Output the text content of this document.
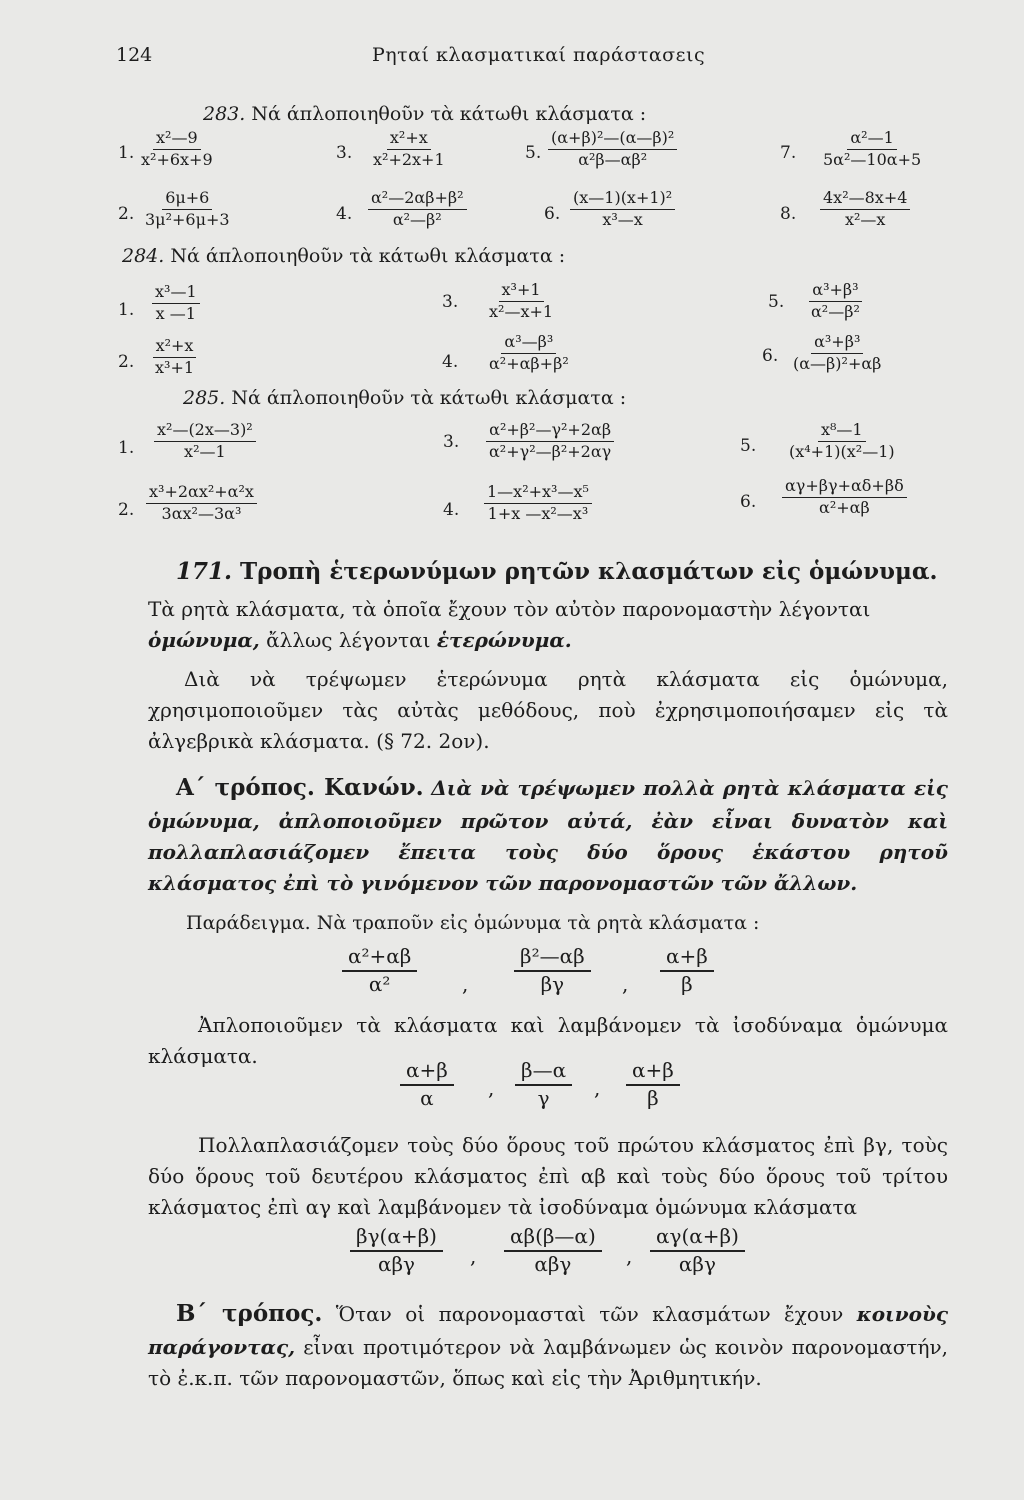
124	Ρηταί κλασματικαί παράστασεις
283. Νά άπλοποιηθοῦν τὰ κάτωθι κλάσματα :
1. $\frac{\text{x²—9}}{\text{x²+6x+9}}$	3. $\frac{\text{x²+x}}{\text{x²+2x+1}}$	5. $\frac{\text{(α+β)²—(α—β)²}}{\text{α²β—αβ²}}$	7. $\frac{\text{α²—1}}{\text{5α²—10α+5}}$
2. $\frac{6\mu+6}{\text{3μ²+6μ+3}}$	4. $\frac{\text{α²—2αβ+β²}}{\text{α²—β²}}$	6. $\frac{\text{(x—1)(x+1)²}}{\text{x³—x}}$	8. $\frac{\text{4x²—8x+4}}{\text{x²—x}}$
284. Νά άπλοποιηθοῦν τὰ κάτωθι κλάσματα :
1. $\frac{\text{x³—1}}{x —1}$	3. $\frac{\text{x³+1}}{\text{x²—x+1}}$	5. $\frac{\text{α³+β³}}{\text{α²—β²}}$
2. $\frac{\text{x²+x}}{\text{x³+1}}$	4. $\frac{\text{α³—β³}}{\text{α²+αβ+β²}}$	6. $\frac{\text{α³+β³}}{\text{(α—β)²+αβ}}$
285. Νά άπλοποιηθοῦν τὰ κάτωθι κλάσματα :
1. $\frac{\text{x²—(2x—3)²}}{\text{x²—1}}$	3. $\frac{\text{α²+β²—γ²+2αβ}}{\text{α²+γ²—β²+2αγ}}$	5. $\frac{\text{x⁸—1}}{\text{(x⁴+1)(x²—1)}}$
2. $\frac{\text{x³+2αx²+α²x}}{\text{3αx²—3α³}}$	4. $\frac{\text{1—x²+x³—x⁵}}{\text{1+x —x²—x³}}$	6. $\frac{\alpha\gamma+\beta\gamma+\alpha\delta+\beta\delta}{\text{α²+αβ}}$
171. Τροπὴ ἑτερωνύμων ρητῶν κλασμάτων εἰς ὁμώνυμα.
Τὰ ρητὰ κλάσματα, τὰ ὁποῖα ἔχουν τὸν αὐτὸν παρονομαστὴν λέγονται
ὁμώνυμα, ἄλλως λέγονται ἑτερώνυμα.
Διὰ νὰ τρέψωμεν ἑτερώνυμα ρητὰ κλάσματα εἰς ὁμώνυμα, χρησιμοποιοῦμεν τὰς αὐτὰς μεθόδους, ποὺ ἐχρησιμοποιήσαμεν εἰς τὰ ἀλγεβρικὰ κλάσματα. (§ 72. 2ον).
Α΄ τρόπος. Κανών. Διὰ νὰ τρέψωμεν πολλὰ ρητὰ κλάσματα εἰς ὁμώνυμα, ἀπλοποιοῦμεν πρῶτον αὐτά, ἐὰν εἶναι δυνατὸν καὶ πολλαπλασιάζομεν ἔπειτα τοὺς δύο ὅρους ἑκάστου ρητοῦ κλάσματος ἐπὶ τὸ γινόμενον τῶν παρονομαστῶν τῶν ἄλλων.
Παράδειγμα. Νὰ τραποῦν εἰς ὁμώνυμα τὰ ρητὰ κλάσματα :
$\frac{\text{α²+αβ}}{\text{α²}}$ , $\frac{\text{β²—αβ}}{\beta\gamma}$ , $\frac{\alpha+\beta}{\beta}$
Ἀπλοποιοῦμεν τὰ κλάσματα καὶ λαμβάνομεν τὰ ἰσοδύναμα ὁμώνυμα κλάσματα.
$\frac{\alpha+\beta}{\alpha}$ , $\frac{\beta—\alpha}{\gamma}$ , $\frac{\alpha+\beta}{\beta}$
Πολλαπλασιάζομεν τοὺς δύο ὅρους τοῦ πρώτου κλάσματος ἐπὶ βγ, τοὺς δύο ὅρους τοῦ δευτέρου κλάσματος ἐπὶ αβ καὶ τοὺς δύο ὅρους τοῦ τρίτου κλάσματος ἐπὶ αγ καὶ λαμβάνομεν τὰ ἰσοδύναμα ὁμώνυμα κλάσματα
βγ(α+β)
αβγ	,
αβ(β—α)
αβγ	,
αγ(α+β)
αβγ
Β΄ τρόπος. Ὅταν οἱ παρονομασταὶ τῶν κλασμάτων ἔχουν κοινοὺς παράγοντας, εἶναι προτιμότερον νὰ λαμβάνωμεν ὡς κοινὸν παρονομαστήν, τὸ ἐ.κ.π. τῶν παρονομαστῶν, ὅπως καὶ εἰς τὴν Ἀριθμητικήν.
